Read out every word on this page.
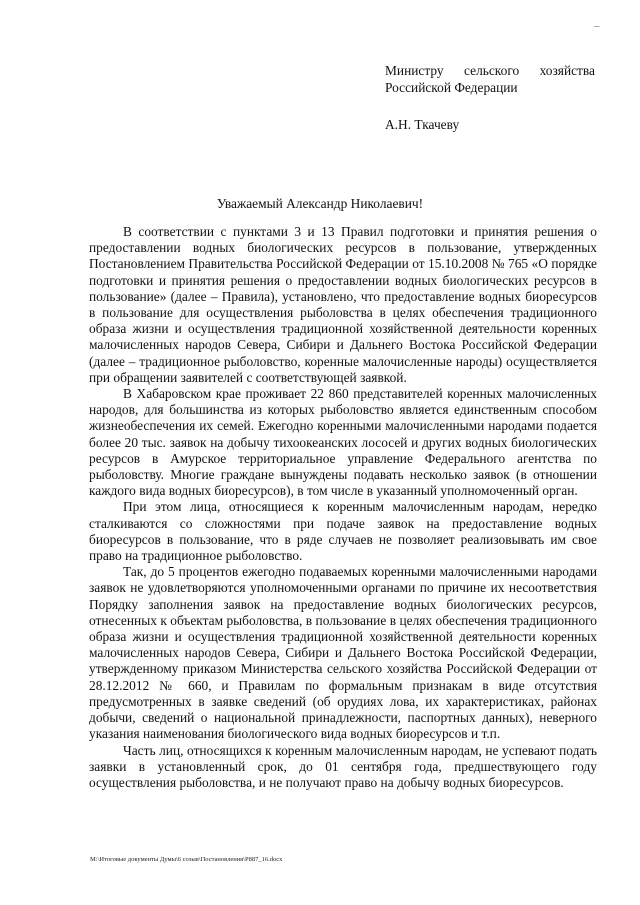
–
Министру сельского хозяйства Российской Федерации
А.Н. Ткачеву
Уважаемый Александр Николаевич!

В соответствии с пунктами 3 и 13 Правил подготовки и принятия решения о предоставлении водных биологических ресурсов в пользование, утвержденных Постановлением Правительства Российской Федерации от 15.10.2008 № 765 «О порядке подготовки и принятия решения о предоставлении водных биологических ресурсов в пользование» (далее – Правила), установлено, что предоставление водных биоресурсов в пользование для осуществления рыболовства в целях обеспечения традиционного образа жизни и осуществления традиционной хозяйственной деятельности коренных малочисленных народов Севера, Сибири и Дальнего Востока Российской Федерации (далее – традиционное рыболовство, коренные малочисленные народы) осуществляется при обращении заявителей с соответствующей заявкой.

В Хабаровском крае проживает 22 860 представителей коренных малочисленных народов, для большинства из которых рыболовство является единственным способом жизнеобеспечения их семей. Ежегодно коренными малочисленными народами подается более 20 тыс. заявок на добычу тихоокеанских лососей и других водных биологических ресурсов в Амурское территориальное управление Федерального агентства по рыболовству. Многие граждане вынуждены подавать несколько заявок (в отношении каждого вида водных биоресурсов), в том числе в указанный уполномоченный орган.

При этом лица, относящиеся к коренным малочисленным народам, нередко сталкиваются со сложностями при подаче заявок на предоставление водных биоресурсов в пользование, что в ряде случаев не позволяет реализовывать им свое право на традиционное рыболовство.

Так, до 5 процентов ежегодно подаваемых коренными малочисленными народами заявок не удовлетворяются уполномоченными органами по причине их несоответствия Порядку заполнения заявок на предоставление водных биологических ресурсов, отнесенных к объектам рыболовства, в пользование в целях обеспечения традиционного образа жизни и осуществления традиционной хозяйственной деятельности коренных малочисленных народов Севера, Сибири и Дальнего Востока Российской Федерации, утвержденному приказом Министерства сельского хозяйства Российской Федерации от 28.12.2012 № 660, и Правилам по формальным признакам в виде отсутствия предусмотренных в заявке сведений (об орудиях лова, их характеристиках, районах добычи, сведений о национальной принадлежности, паспортных данных), неверного указания наименования биологического вида водных биоресурсов и т.п.

Часть лиц, относящихся к коренным малочисленным народам, не успевают подать заявки в установленный срок, до 01 сентября года, предшествующего году осуществления рыболовства, и не получают право на добычу водных биоресурсов.

М:\Итоговые документы Думы\6 созыв\Постановления\Р887_16.docx
